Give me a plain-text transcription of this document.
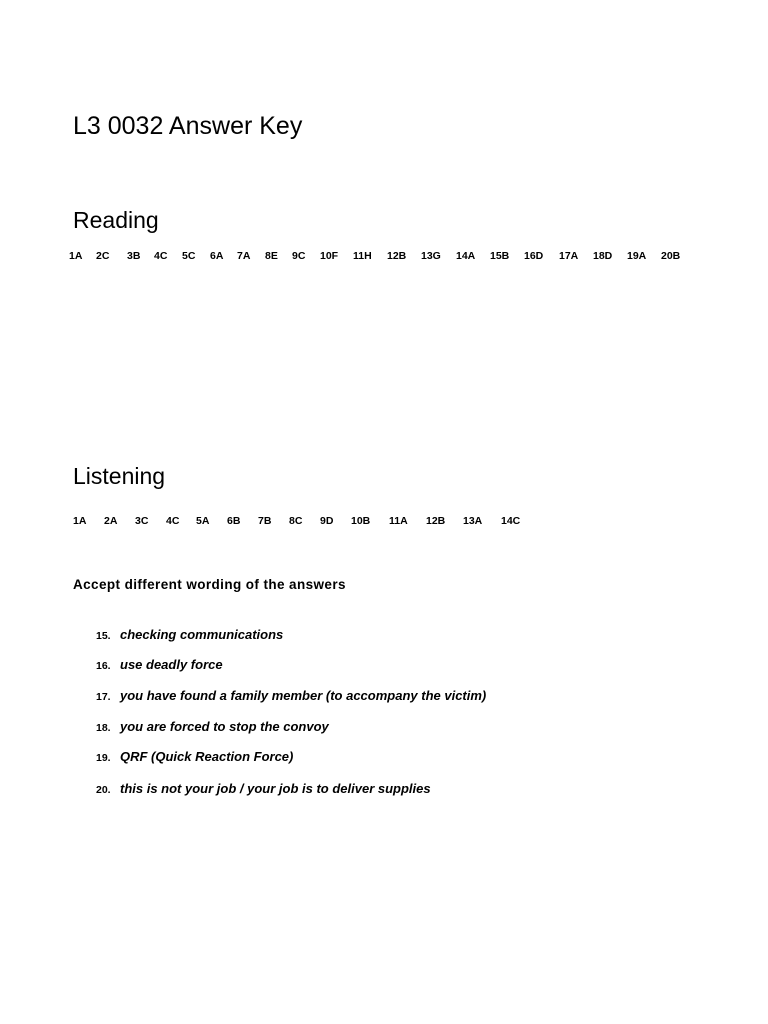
L3 0032 Answer Key
Reading
1A 2C 3B 4C 5C 6A 7A 8E 9C 10F 11H 12B 13G 14A 15B 16D 17A 18D 19A 20B
Listening
1A 2A 3C 4C 5A 6B 7B 8C 9D 10B 11A 12B 13A 14C

Accept different wording of the answers

15. checking communications
16. use deadly force
17. you have found a family member (to accompany the victim)
18. you are forced to stop the convoy
19. QRF (Quick Reaction Force)
20. this is not your job / your job is to deliver supplies
